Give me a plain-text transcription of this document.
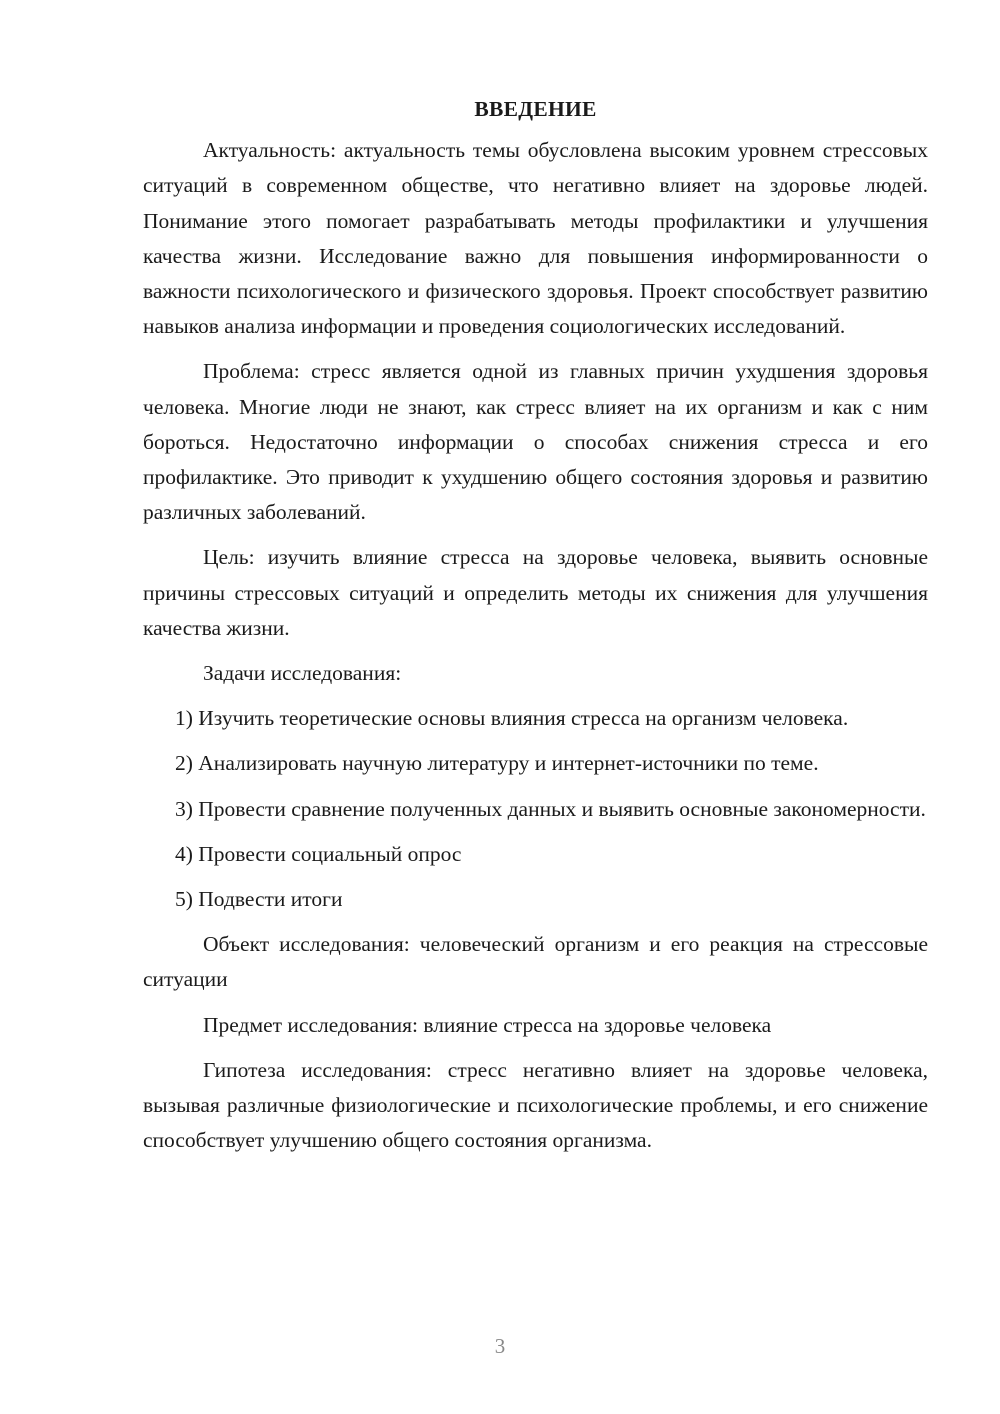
ВВЕДЕНИЕ

Актуальность: актуальность темы обусловлена высоким уровнем стрессовых ситуаций в современном обществе, что негативно влияет на здоровье людей. Понимание этого помогает разрабатывать методы профилактики и улучшения качества жизни. Исследование важно для повышения информированности о важности психологического и физического здоровья. Проект способствует развитию навыков анализа информации и проведения социологических исследований.

Проблема: стресс является одной из главных причин ухудшения здоровья человека. Многие люди не знают, как стресс влияет на их организм и как с ним бороться. Недостаточно информации о способах снижения стресса и его профилактике. Это приводит к ухудшению общего состояния здоровья и развитию различных заболеваний.

Цель: изучить влияние стресса на здоровье человека, выявить основные причины стрессовых ситуаций и определить методы их снижения для улучшения качества жизни.

Задачи исследования:

1) Изучить теоретические основы влияния стресса на организм человека.

2) Анализировать научную литературу и интернет-источники по теме.

3) Провести сравнение полученных данных и выявить основные закономерности.

4) Провести социальный опрос

5) Подвести итоги

Объект исследования: человеческий организм и его реакция на стрессовые ситуации

Предмет исследования: влияние стресса на здоровье человека

Гипотеза исследования: стресс негативно влияет на здоровье человека, вызывая различные физиологические и психологические проблемы, и его снижение способствует улучшению общего состояния организма.

3
